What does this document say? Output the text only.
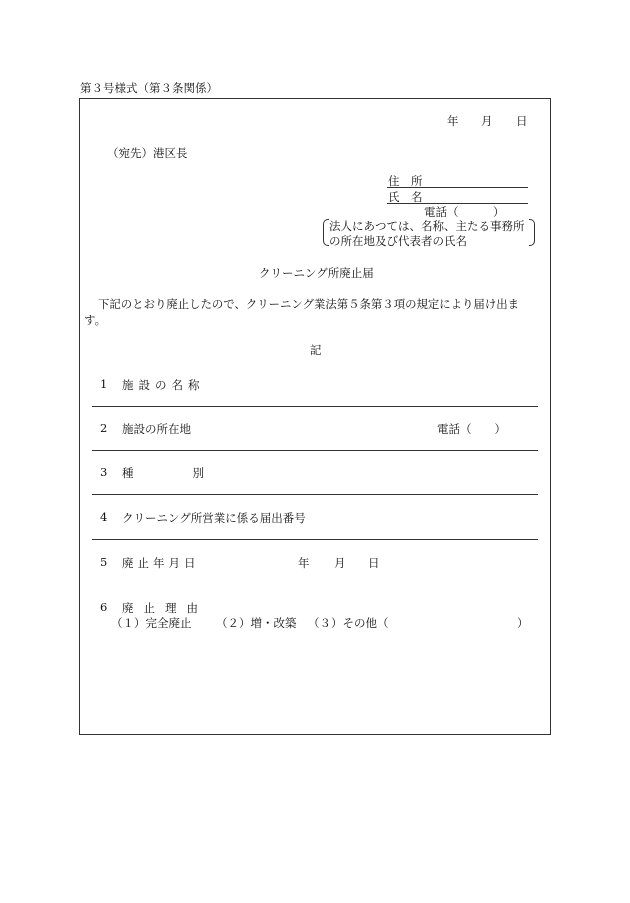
第３号様式（第３条関係）
年 月 日
（宛先）港区長
住　所
氏　名
電話（　　　）
法人にあつては、名称、主たる事務所
の所在地及び代表者の氏名
クリーニング所廃止届
下記のとおり廃止したので、クリーニング業法第５条第３項の規定により届け出ま
す。
記
1 施設の名称
2 施設の所在地	電話（　　）
3 種別
4 クリーニング所営業に係る届出番号
5 廃止年月日	年 月 日
6 廃止理由
（１）完全廃止 （２）増・改築 （３）その他（	）
